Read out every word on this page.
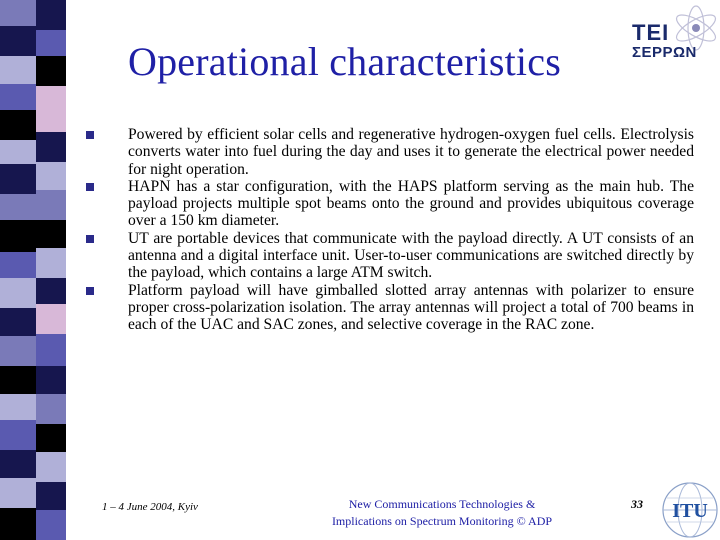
Operational characteristics
TEI
ΣΕΡΡΩΝ
Powered by efficient solar cells and regenerative hydrogen-oxygen fuel cells. Electrolysis converts water into fuel during the day and uses it to generate the electrical power needed for night operation.
HAPN has a star configuration, with the HAPS platform serving as the main hub. The payload projects multiple spot beams onto the ground and provides ubiquitous coverage over a 150 km diameter.
UT are portable devices that communicate with the payload directly. A UT consists of an antenna and a digital interface unit. User-to-user communications are switched directly by the payload, which contains a large ATM switch.
Platform payload will have gimballed slotted array antennas with polarizer to ensure proper cross-polarization isolation. The array antennas will project a total of 700 beams in each of the UAC and SAC zones, and selective coverage in the RAC zone.
1 – 4 June 2004, Kyiv	New Communications Technologies &
Implications on Spectrum Monitoring © ADP
33 ITU
